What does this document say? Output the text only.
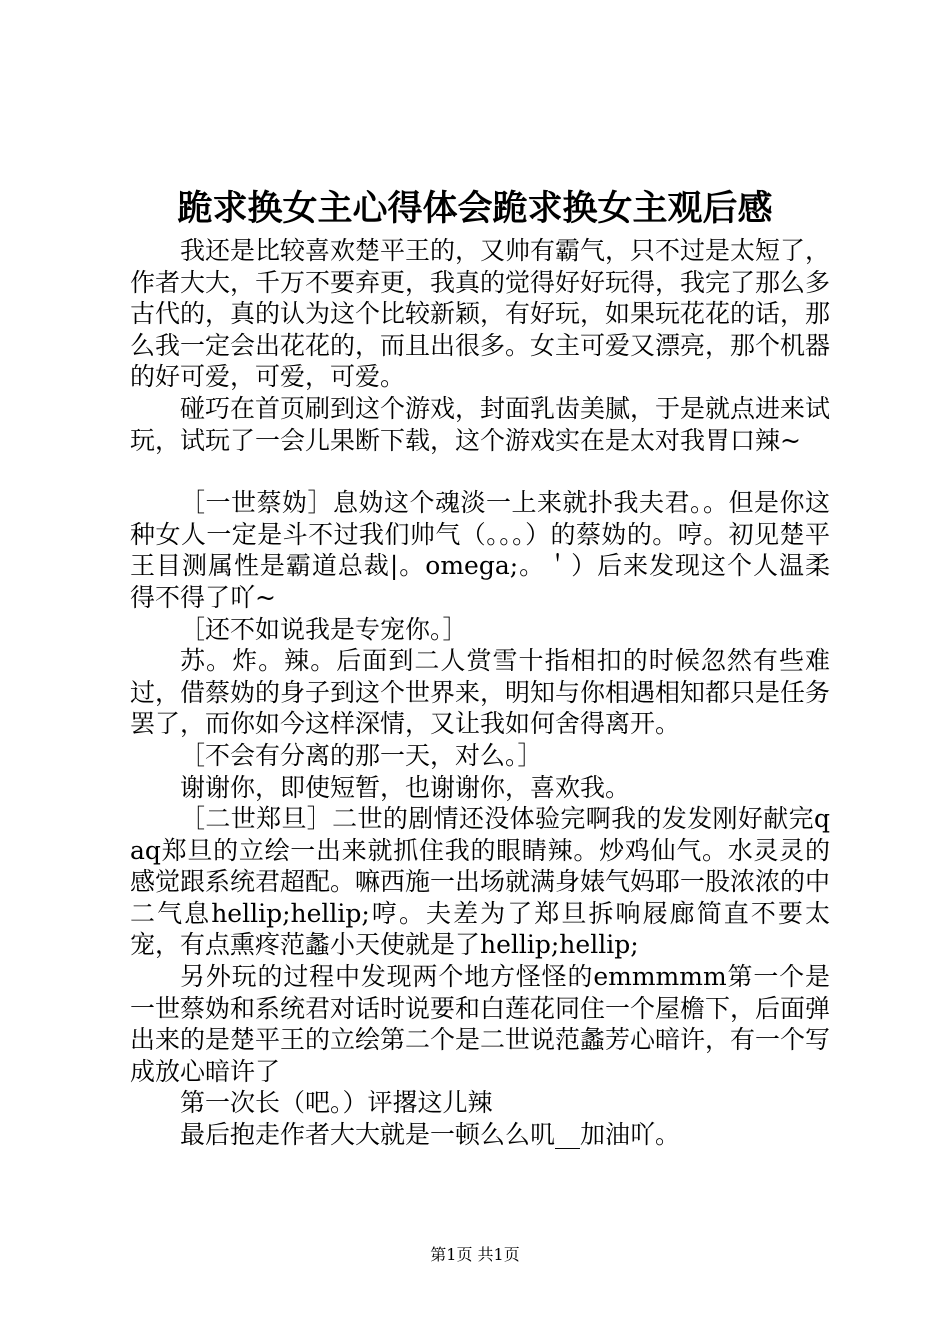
跪求换女主心得体会跪求换女主观后感

我还是比较喜欢楚平王的，又帅有霸气，只不过是太短了，作者大大，千万不要弃更，我真的觉得好好玩得，我完了那么多古代的，真的认为这个比较新颖，有好玩，如果玩花花的话，那么我一定会出花花的，而且出很多。女主可爱又漂亮，那个机器的好可爱，可爱，可爱。

碰巧在首页刷到这个游戏，封面乳齿美腻，于是就点进来试玩，试玩了一会儿果断下载，这个游戏实在是太对我胃口辣~

［一世蔡妫］息妫这个魂淡一上来就扑我夫君。。但是你这种女人一定是斗不过我们帅气（。。。）的蔡妫的。哼。初见楚平王目测属性是霸道总裁|。omega;。＇）后来发现这个人温柔得不得了吖~

［还不如说我是专宠你。］

苏。炸。辣。后面到二人赏雪十指相扣的时候忽然有些难过，借蔡妫的身子到这个世界来，明知与你相遇相知都只是任务罢了，而你如今这样深情，又让我如何舍得离开。

［不会有分离的那一天，对么。］

谢谢你，即使短暂，也谢谢你，喜欢我。

［二世郑旦］二世的剧情还没体验完啊我的发发刚好献完qaq郑旦的立绘一出来就抓住我的眼睛辣。炒鸡仙气。水灵灵的感觉跟系统君超配。嘛西施一出场就满身婊气妈耶一股浓浓的中二气息hellip;hellip;哼。夫差为了郑旦拆响屐廊简直不要太宠，有点熏疼范蠡小天使就是了hellip;hellip;

另外玩的过程中发现两个地方怪怪的emmmmm第一个是一世蔡妫和系统君对话时说要和白莲花同住一个屋檐下，后面弹出来的是楚平王的立绘第二个是二世说范蠡芳心暗许，有一个写成放心暗许了

第一次长（吧。）评撂这儿辣

最后抱走作者大大就是一顿么么叽__加油吖。

第1页 共1页
